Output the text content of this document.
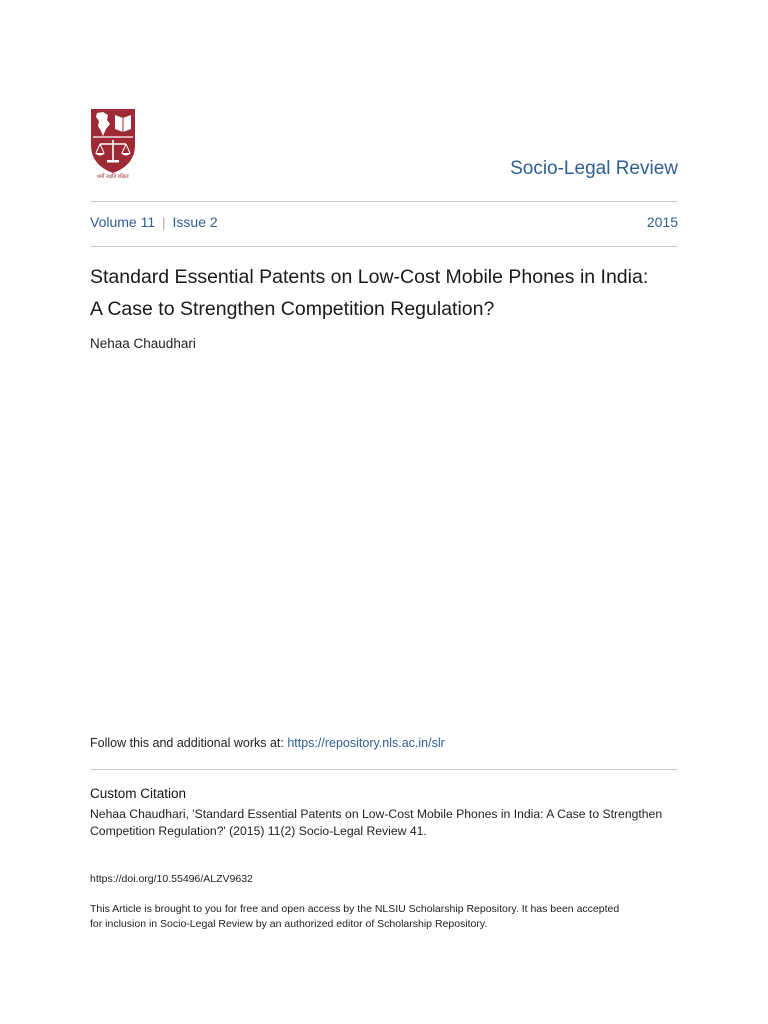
धर्मो रक्षति रक्षितः	Socio-Legal Review
Volume 11 | Issue 2	2015
Standard Essential Patents on Low-Cost Mobile Phones in India:
A Case to Strengthen Competition Regulation?
Nehaa Chaudhari
Follow this and additional works at: https://repository.nls.ac.in/slr
Custom Citation
Nehaa Chaudhari, 'Standard Essential Patents on Low-Cost Mobile Phones in India: A Case to Strengthen
Competition Regulation?' (2015) 11(2) Socio-Legal Review 41.
https://doi.org/10.55496/ALZV9632
This Article is brought to you for free and open access by the NLSIU Scholarship Repository. It has been accepted
for inclusion in Socio-Legal Review by an authorized editor of Scholarship Repository.
